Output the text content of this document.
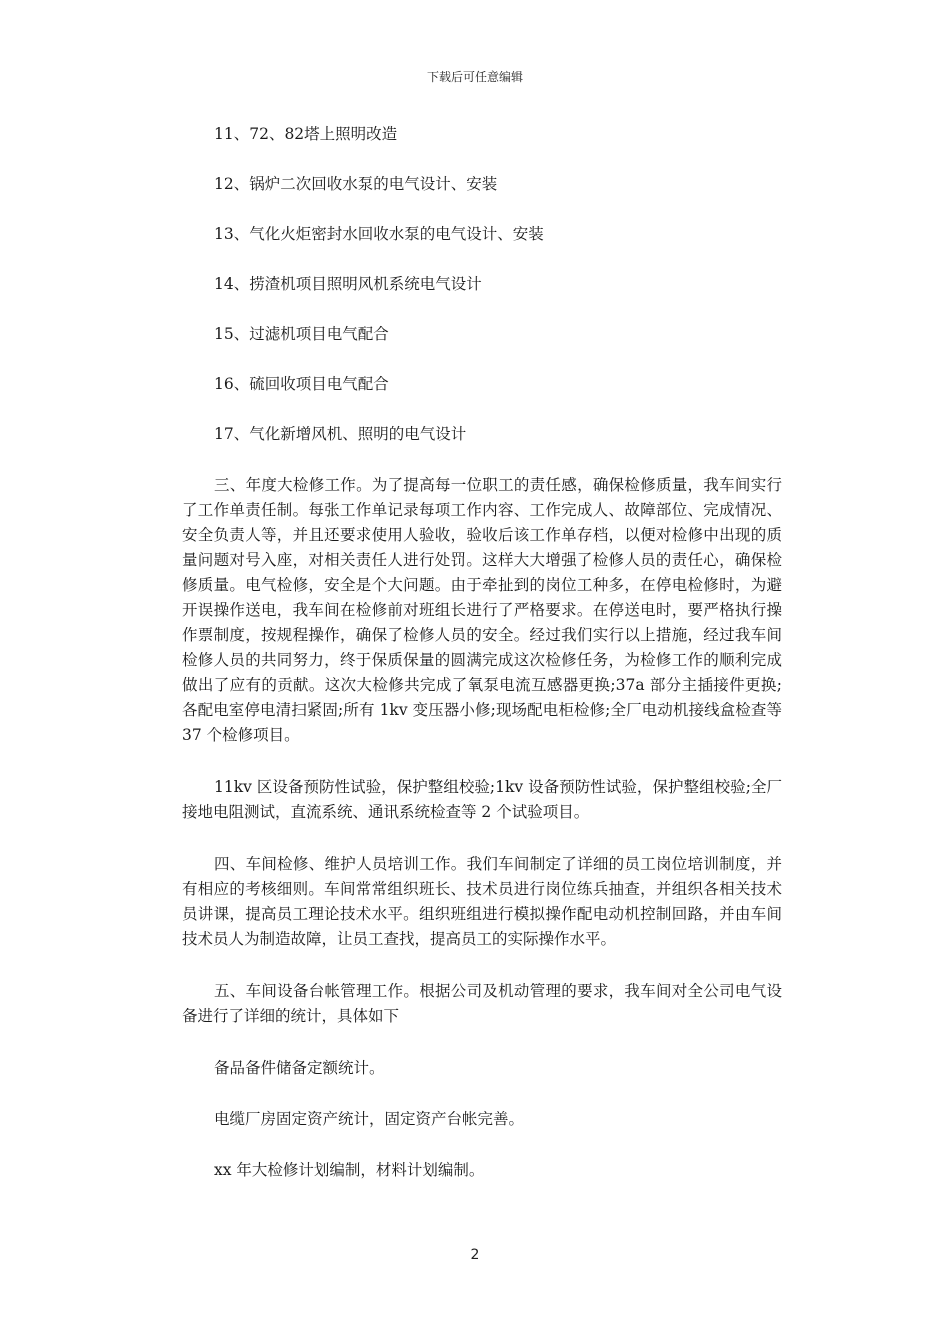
下载后可任意编辑
11、72、82塔上照明改造
12、锅炉二次回收水泵的电气设计、安装
13、气化火炬密封水回收水泵的电气设计、安装
14、捞渣机项目照明风机系统电气设计
15、过滤机项目电气配合
16、硫回收项目电气配合
17、气化新增风机、照明的电气设计

三、年度大检修工作。为了提高每一位职工的责任感，确保检修质量，我车间实行了工作单责任制。每张工作单记录每项工作内容、工作完成人、故障部位、完成情况、安全负责人等，并且还要求使用人验收，验收后该工作单存档，以便对检修中出现的质量问题对号入座，对相关责任人进行处罚。这样大大增强了检修人员的责任心，确保检修质量。电气检修，安全是个大问题。由于牵扯到的岗位工种多，在停电检修时，为避开误操作送电，我车间在检修前对班组长进行了严格要求。在停送电时，要严格执行操作票制度，按规程操作，确保了检修人员的安全。经过我们实行以上措施，经过我车间检修人员的共同努力，终于保质保量的圆满完成这次检修任务，为检修工作的顺利完成做出了应有的贡献。这次大检修共完成了氧泵电流互感器更换;37a 部分主插接件更换;各配电室停电清扫紧固;所有 1kv 变压器小修;现场配电柜检修;全厂电动机接线盒检查等 37 个检修项目。

11kv 区设备预防性试验，保护整组校验;1kv 设备预防性试验，保护整组校验;全厂接地电阻测试，直流系统、通讯系统检查等 2 个试验项目。

四、车间检修、维护人员培训工作。我们车间制定了详细的员工岗位培训制度，并有相应的考核细则。车间常常组织班长、技术员进行岗位练兵抽查，并组织各相关技术员讲课，提高员工理论技术水平。组织班组进行模拟操作配电动机控制回路，并由车间技术员人为制造故障，让员工查找，提高员工的实际操作水平。

五、车间设备台帐管理工作。根据公司及机动管理的要求，我车间对全公司电气设备进行了详细的统计，具体如下

备品备件储备定额统计。
电缆厂房固定资产统计，固定资产台帐完善。
xx 年大检修计划编制，材料计划编制。
2
